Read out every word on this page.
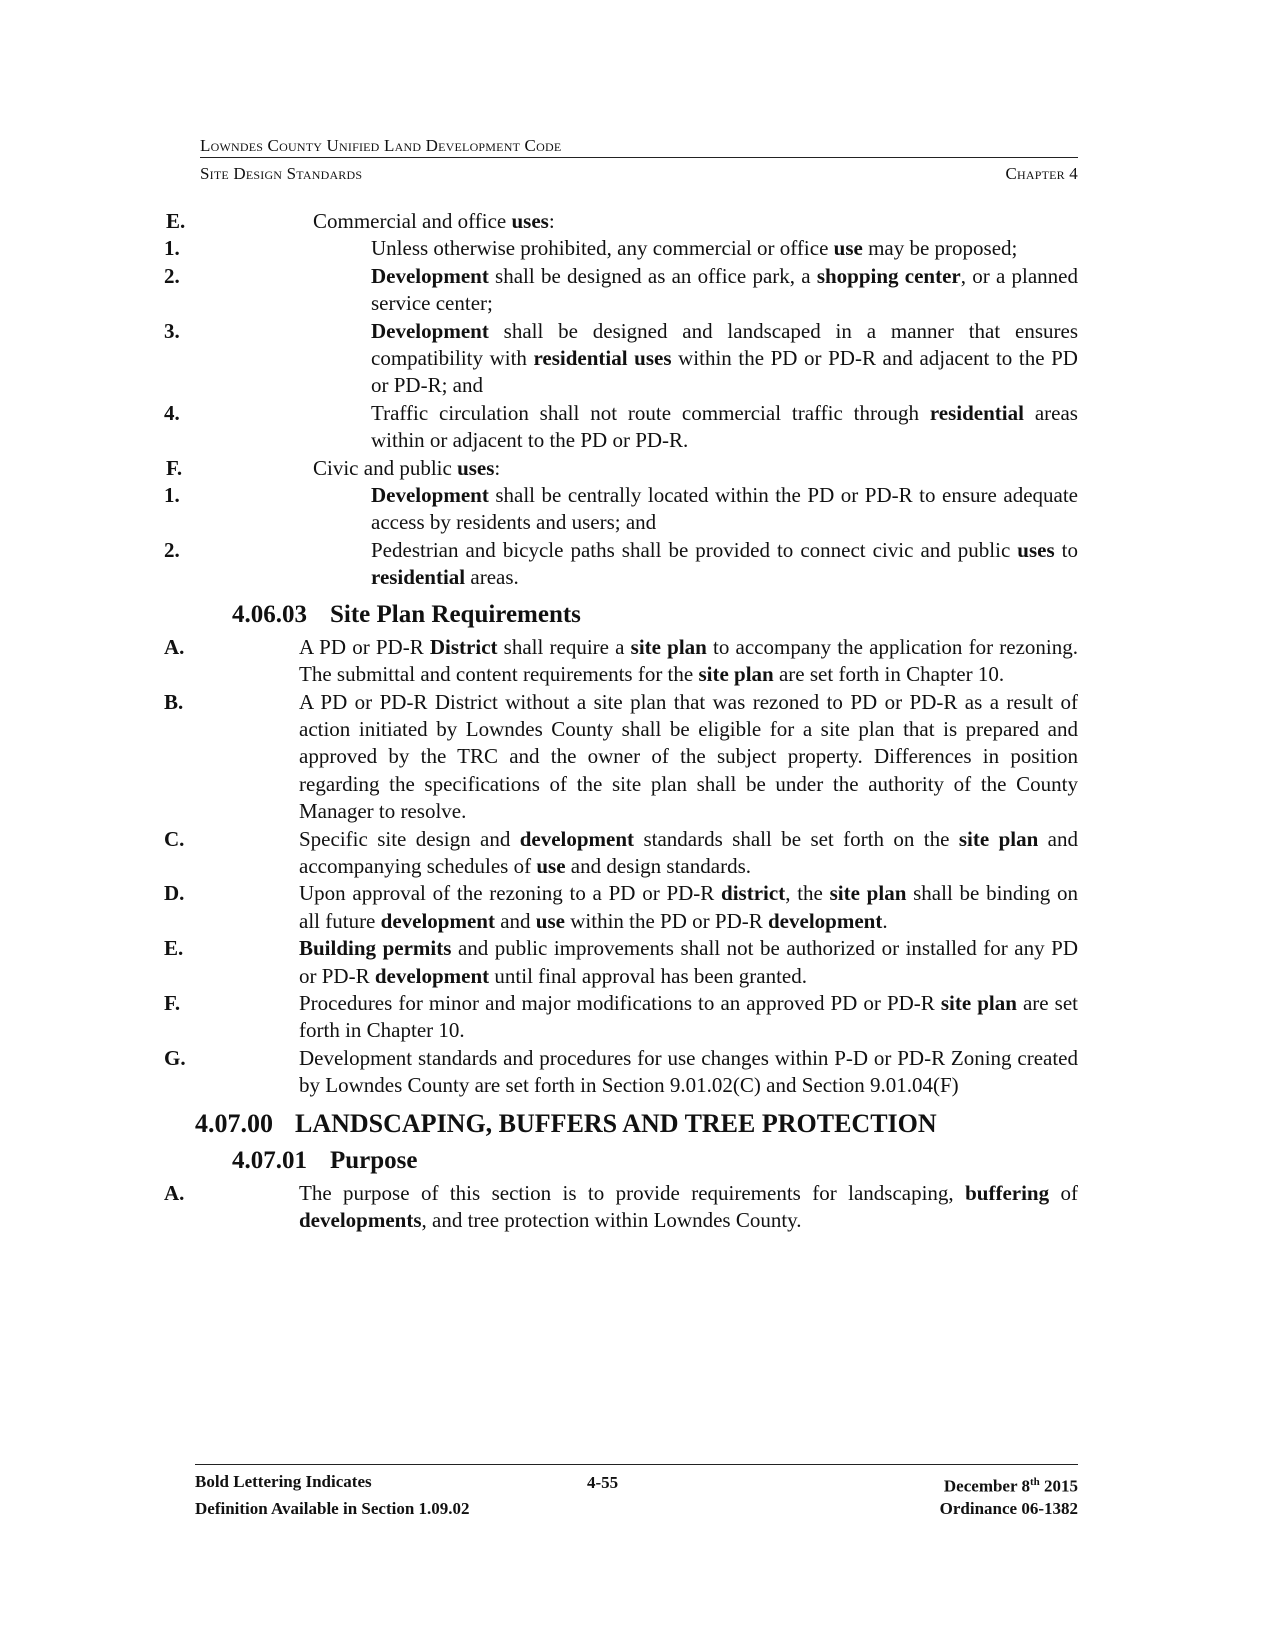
Lowndes County Unified Land Development Code
Site Design Standards	Chapter 4
E.	Commercial and office uses:
1.	Unless otherwise prohibited, any commercial or office use may be proposed;
2.	Development shall be designed as an office park, a shopping center, or a planned service center;
3.	Development shall be designed and landscaped in a manner that ensures compatibility with residential uses within the PD or PD-R and adjacent to the PD or PD-R; and
4.	Traffic circulation shall not route commercial traffic through residential areas within or adjacent to the PD or PD-R.
F.	Civic and public uses:
1.	Development shall be centrally located within the PD or PD-R to ensure adequate access by residents and users; and
2.	Pedestrian and bicycle paths shall be provided to connect civic and public uses to residential areas.
4.06.03 Site Plan Requirements
A.	A PD or PD-R District shall require a site plan to accompany the application for rezoning. The submittal and content requirements for the site plan are set forth in Chapter 10.
B.	A PD or PD-R District without a site plan that was rezoned to PD or PD-R as a result of action initiated by Lowndes County shall be eligible for a site plan that is prepared and approved by the TRC and the owner of the subject property. Differences in position regarding the specifications of the site plan shall be under the authority of the County Manager to resolve.
C.	Specific site design and development standards shall be set forth on the site plan and accompanying schedules of use and design standards.
D.	Upon approval of the rezoning to a PD or PD-R district, the site plan shall be binding on all future development and use within the PD or PD-R development.
E.	Building permits and public improvements shall not be authorized or installed for any PD or PD-R development until final approval has been granted.
F.	Procedures for minor and major modifications to an approved PD or PD-R site plan are set forth in Chapter 10.
G.	Development standards and procedures for use changes within P-D or PD-R Zoning created by Lowndes County are set forth in Section 9.01.02(C) and Section 9.01.04(F)
4.07.00 LANDSCAPING, BUFFERS AND TREE PROTECTION
4.07.01 Purpose
A.	The purpose of this section is to provide requirements for landscaping, buffering of developments, and tree protection within Lowndes County.
4-55
Bold Lettering Indicates	December 8th 2015
Definition Available in Section 1.09.02	Ordinance 06-1382
